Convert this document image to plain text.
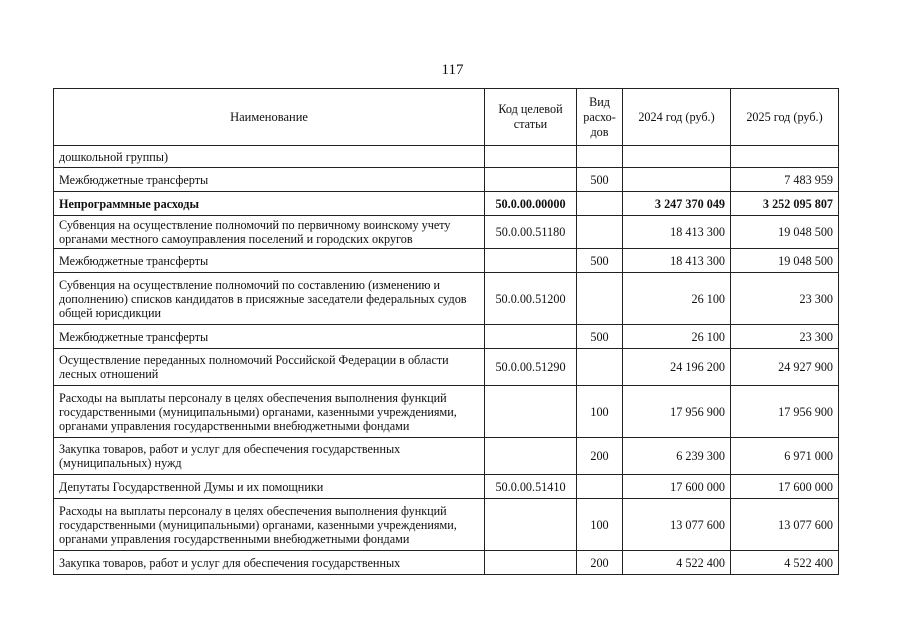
117
Наименование	Код целевой статьи	Вид расхо-дов	2024 год (руб.)	2025 год (руб.)
дошкольной группы)				
Межбюджетные трансферты		500		7 483 959
Непрограммные расходы	50.0.00.00000		3 247 370 049	3 252 095 807
Субвенция на осуществление полномочий по первичному воинскому учету органами местного самоуправления поселений и городских округов	50.0.00.51180		18 413 300	19 048 500
Межбюджетные трансферты		500	18 413 300	19 048 500
Субвенция на осуществление полномочий по составлению (изменению и дополнению) списков кандидатов в присяжные заседатели федеральных судов общей юрисдикции	50.0.00.51200		26 100	23 300
Межбюджетные трансферты		500	26 100	23 300
Осуществление переданных полномочий Российской Федерации в области лесных отношений	50.0.00.51290		24 196 200	24 927 900
Расходы на выплаты персоналу в целях обеспечения выполнения функций государственными (муниципальными) органами, казенными учреждениями, органами управления государственными внебюджетными фондами		100	17 956 900	17 956 900
Закупка товаров, работ и услуг для обеспечения государственных (муниципальных) нужд		200	6 239 300	6 971 000
Депутаты Государственной Думы и их помощники	50.0.00.51410		17 600 000	17 600 000
Расходы на выплаты персоналу в целях обеспечения выполнения функций государственными (муниципальными) органами, казенными учреждениями, органами управления государственными внебюджетными фондами		100	13 077 600	13 077 600
Закупка товаров, работ и услуг для обеспечения государственных		200	4 522 400	4 522 400
